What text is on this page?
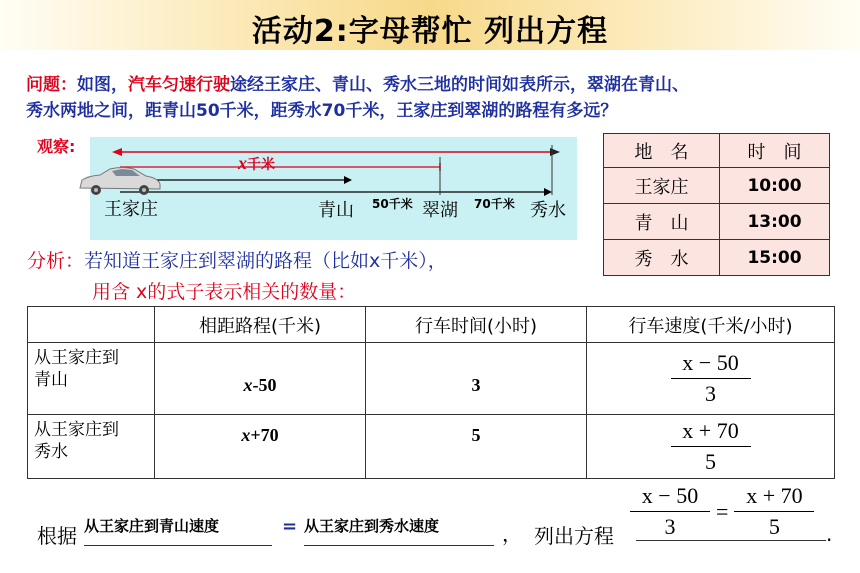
活动2:字母帮忙 列出方程
问题：如图，汽车匀速行驶途经王家庄、青山、秀水三地的时间如表所示，翠湖在青山、
秀水两地之间，距青山50千米，距秀水70千米，王家庄到翠湖的路程有多远？
观察:
x千米
王家庄	青山 50千米 翠湖 70千米 秀水
地　名	时　间
王家庄	10:00
青　山	13:00
秀　水	15:00
分析：若知道王家庄到翠湖的路程（比如x千米），
用含 x的式子表示相关的数量：
	相距路程(千米)	行车时间(小时)	行车速度(千米/小时)
从王家庄到
青山	x-50	3	$\frac{x - 50}{3}$

从王家庄到
秀水	x+70	5	$\frac{x + 70}{5}$
根据 从王家庄到青山速度	= 从王家庄到秀水速度	， 列出方程 $\frac{x - 50}{3} = \frac{x + 70}{5}$ .
